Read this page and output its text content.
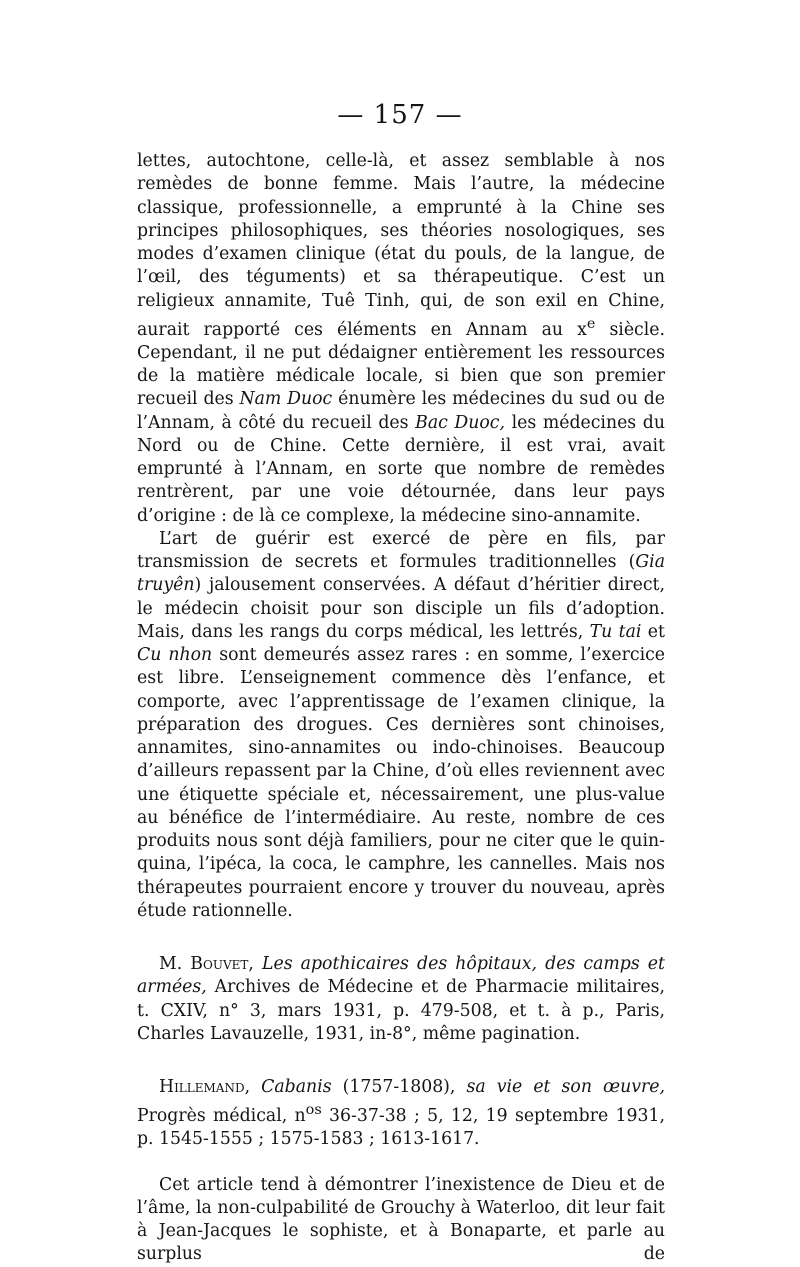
— 157 —

lettes, autochtone, celle-là, et assez semblable à nos remèdes de bonne femme. Mais l’autre, la médecine classique, professionnelle, a emprunté à la Chine ses principes philosophiques, ses théories nosologiques, ses modes d’examen clinique (état du pouls, de la langue, de l’œil, des téguments) et sa thérapeutique. C’est un religieux annamite, Tuê Tinh, qui, de son exil en Chine, aurait rapporté ces éléments en Annam au $x^e$ siècle. Cependant, il ne put dédaigner entièrement les ressources de la matière médicale locale, si bien que son premier recueil des Nam Duoc énumère les médecines du sud ou de l’Annam, à côté du recueil des Bac Duoc, les médecines du Nord ou de Chine. Cette dernière, il est vrai, avait emprunté à l’Annam, en sorte que nombre de remèdes rentrèrent, par une voie détournée, dans leur pays d’origine : de là ce complexe, la médecine sino-annamite.

L’art de guérir est exercé de père en fils, par transmission de secrets et formules traditionnelles (Gia truyên) jalousement conservées. A défaut d’héritier direct, le médecin choisit pour son disciple un fils d’adoption. Mais, dans les rangs du corps médical, les lettrés, Tu tai et Cu nhon sont demeurés assez rares : en somme, l’exercice est libre. L’enseignement commence dès l’enfance, et comporte, avec l’apprentissage de l’examen clinique, la préparation des drogues. Ces dernières sont chinoises, annamites, sino-annamites ou indo-chinoises. Beaucoup d’ailleurs repassent par la Chine, d’où elles reviennent avec une étiquette spéciale et, nécessairement, une plus-value au bénéfice de l’intermédiaire. Au reste, nombre de ces produits nous sont déjà familiers, pour ne citer que le quinquina, l’ipéca, la coca, le camphre, les cannelles. Mais nos thérapeutes pourraient encore y trouver du nouveau, après étude rationnelle.

M. Bouvet, Les apothicaires des hôpitaux, des camps et armées, Archives de Médecine et de Pharmacie militaires, t. CXIV, n° 3, mars 1931, p. 479-508, et t. à p., Paris, Charles Lavauzelle, 1931, in-8°, même pagination.

Hillemand, Cabanis (1757-1808), sa vie et son œuvre, Progrès médical, $n^{os}$ 36-37-38 ; 5, 12, 19 septembre 1931, p. 1545-1555 ; 1575-1583 ; 1613-1617.

Cet article tend à démontrer l’inexistence de Dieu et de l’âme, la non-culpabilité de Grouchy à Waterloo, dit leur fait à Jean-Jacques le sophiste, et à Bonaparte, et parle au surplus de
